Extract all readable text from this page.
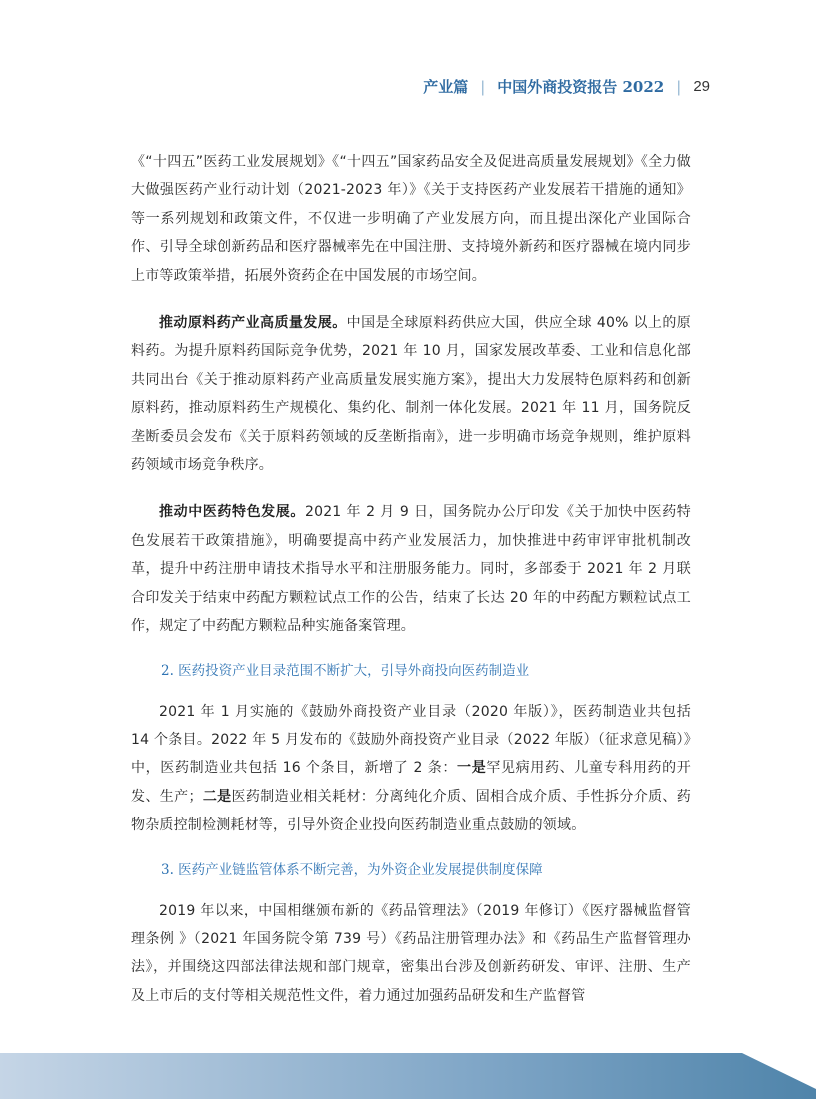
产业篇 | 中国外商投资报告 2022 | 29

《“十四五”医药工业发展规划》《“十四五”国家药品安全及促进高质量发展规划》《全力做大做强医药产业行动计划（2021-2023 年）》《关于支持医药产业发展若干措施的通知》等一系列规划和政策文件，不仅进一步明确了产业发展方向，而且提出深化产业国际合作、引导全球创新药品和医疗器械率先在中国注册、支持境外新药和医疗器械在境内同步上市等政策举措，拓展外资药企在中国发展的市场空间。

推动原料药产业高质量发展。中国是全球原料药供应大国，供应全球 40% 以上的原料药。为提升原料药国际竞争优势，2021 年 10 月，国家发展改革委、工业和信息化部共同出台《关于推动原料药产业高质量发展实施方案》，提出大力发展特色原料药和创新原料药，推动原料药生产规模化、集约化、制剂一体化发展。2021 年 11 月，国务院反垄断委员会发布《关于原料药领域的反垄断指南》，进一步明确市场竞争规则，维护原料药领域市场竞争秩序。

推动中医药特色发展。2021 年 2 月 9 日，国务院办公厅印发《关于加快中医药特色发展若干政策措施》，明确要提高中药产业发展活力，加快推进中药审评审批机制改革，提升中药注册申请技术指导水平和注册服务能力。同时，多部委于 2021 年 2 月联合印发关于结束中药配方颗粒试点工作的公告，结束了长达 20 年的中药配方颗粒试点工作，规定了中药配方颗粒品种实施备案管理。

2. 医药投资产业目录范围不断扩大，引导外商投向医药制造业

2021 年 1 月实施的《鼓励外商投资产业目录（2020 年版）》，医药制造业共包括 14 个条目。2022 年 5 月发布的《鼓励外商投资产业目录（2022 年版）（征求意见稿）》中，医药制造业共包括 16 个条目，新增了 2 条：一是罕见病用药、儿童专科用药的开发、生产；二是医药制造业相关耗材：分离纯化介质、固相合成介质、手性拆分介质、药物杂质控制检测耗材等，引导外资企业投向医药制造业重点鼓励的领域。

3. 医药产业链监管体系不断完善，为外资企业发展提供制度保障

2019 年以来，中国相继颁布新的《药品管理法》（2019 年修订）《医疗器械监督管理条例 》（2021 年国务院令第 739 号）《药品注册管理办法》和《药品生产监督管理办法》，并围绕这四部法律法规和部门规章，密集出台涉及创新药研发、审评、注册、生产及上市后的支付等相关规范性文件，着力通过加强药品研发和生产监督管
